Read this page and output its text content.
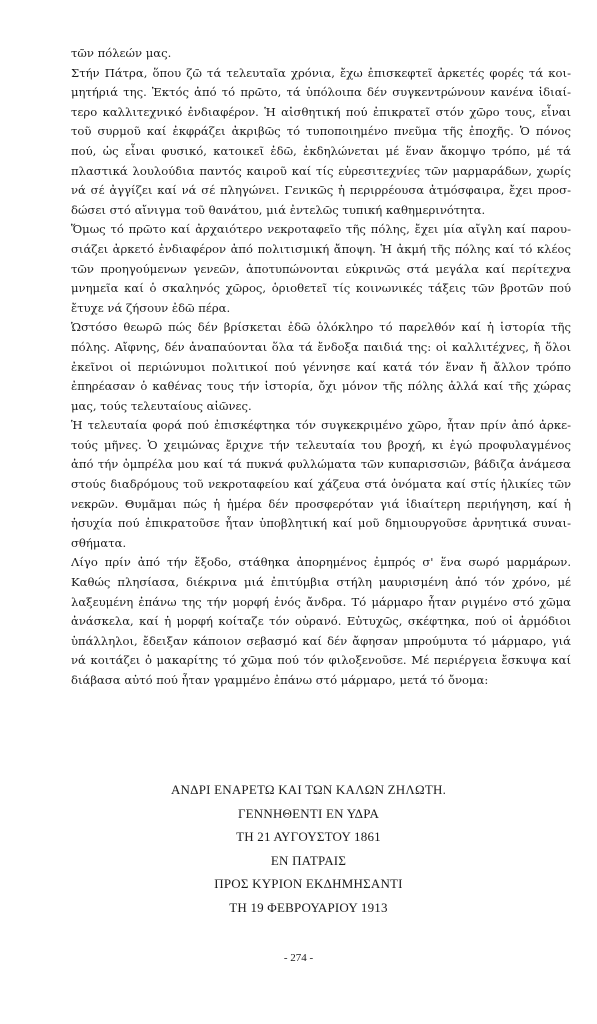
τῶν πόλεών μας.
Στήν Πάτρα, ὅπου ζῶ τά τελευταῖα χρόνια, ἔχω ἐπισκεφτεῖ ἀρκετές φορές τά κοι-
μητήριά της. Ἐκτός ἀπό τό πρῶτο, τά ὑπόλοιπα δέν συγκεντρώνουν κανένα ἰδιαί-
τερο καλλιτεχνικό ἐνδιαφέρον. Ἡ αἰσθητική πού ἐπικρατεῖ στόν χῶρο τους, εἶναι
τοῦ συρμοῦ καί ἐκφράζει ἀκριβῶς τό τυποποιημένο πνεῦμα τῆς ἐποχῆς. Ὁ πόνος
πού, ὡς εἶναι φυσικό, κατοικεῖ ἐδῶ, ἐκδηλώνεται μέ ἕναν ἄκομψο τρόπο, μέ τά
πλαστικά λουλούδια παντός καιροῦ καί τίς εὑρεσιτεχνίες τῶν μαρμαράδων, χωρίς
νά σέ ἀγγίζει καί νά σέ πληγώνει. Γενικῶς ἡ περιρρέουσα ἀτμόσφαιρα, ἔχει προσ-
δώσει στό αἴνιγμα τοῦ θανάτου, μιά ἐντελῶς τυπική καθημερινότητα.
Ὅμως τό πρῶτο καί ἀρχαιότερο νεκροταφεῖο τῆς πόλης, ἔχει μία αἴγλη καί παρου-
σιάζει ἀρκετό ἐνδιαφέρον ἀπό πολιτισμική ἄποψη. Ἡ ἀκμή τῆς πόλης καί τό κλέος
τῶν προηγούμενων γενεῶν, ἀποτυπώνονται εὐκρινῶς στά μεγάλα καί περίτεχνα
μνημεῖα καί ὁ σκαληνός χῶρος, ὁριοθετεῖ τίς κοινωνικές τάξεις τῶν βροτῶν πού
ἔτυχε νά ζήσουν ἐδῶ πέρα.
Ὡστόσο θεωρῶ πώς δέν βρίσκεται ἐδῶ ὁλόκληρο τό παρελθόν καί ἡ ἱστορία τῆς
πόλης. Αἴφνης, δέν ἀναπαύονται ὅλα τά ἔνδοξα παιδιά της: οἱ καλλιτέχνες, ἤ ὅλοι
ἐκεῖνοι οἱ περιώνυμοι πολιτικοί πού γέννησε καί κατά τόν ἕναν ἤ ἄλλον τρόπο
ἐπηρέασαν ὁ καθένας τους τήν ἱστορία, ὄχι μόνον τῆς πόλης ἀλλά καί τῆς χώρας
μας, τούς τελευταίους αἰῶνες.
Ἡ τελευταία φορά πού ἐπισκέφτηκα τόν συγκεκριμένο χῶρο, ἦταν πρίν ἀπό ἀρκε-
τούς μῆνες. Ὁ χειμώνας ἔριχνε τήν τελευταία του βροχή, κι ἐγώ προφυλαγμένος
ἀπό τήν ὀμπρέλα μου καί τά πυκνά φυλλώματα τῶν κυπαρισσιῶν, βάδιζα ἀνάμεσα
στούς διαδρόμους τοῦ νεκροταφείου καί χάζευα στά ὀνόματα καί στίς ἡλικίες τῶν
νεκρῶν. Θυμᾶμαι πώς ἡ ἡμέρα δέν προσφερόταν γιά ἰδιαίτερη περιήγηση, καί ἡ
ἡσυχία πού ἐπικρατοῦσε ἦταν ὑποβλητική καί μοῦ δημιουργοῦσε ἀρνητικά συναι-
σθήματα.
Λίγο πρίν ἀπό τήν ἔξοδο, στάθηκα ἀπορημένος ἐμπρός σ' ἕνα σωρό μαρμάρων.
Καθώς πλησίασα, διέκρινα μιά ἐπιτύμβια στήλη μαυρισμένη ἀπό τόν χρόνο, μέ
λαξευμένη ἐπάνω της τήν μορφή ἑνός ἄνδρα. Τό μάρμαρο ἦταν ριγμένο στό χῶμα
ἀνάσκελα, καί ἡ μορφή κοίταζε τόν οὐρανό. Εὐτυχῶς, σκέφτηκα, πού οἱ ἁρμόδιοι
ὑπάλληλοι, ἔδειξαν κάποιον σεβασμό καί δέν ἄφησαν μπρούμυτα τό μάρμαρο, γιά
νά κοιτάζει ὁ μακαρίτης τό χῶμα πού τόν φιλοξενοῦσε. Μέ περιέργεια ἔσκυψα καί
διάβασα αὐτό πού ἦταν γραμμένο ἐπάνω στό μάρμαρο, μετά τό ὄνομα:
ΑΝΔΡΙ ΕΝΑΡΕΤΩ ΚΑΙ ΤΩΝ ΚΑΛΩΝ ΖΗΛΩΤΗ.
ΓΕΝΝΗΘΕΝΤΙ ΕΝ ΥΔΡΑ
ΤΗ 21 ΑΥΓΟΥΣΤΟΥ 1861
ΕΝ ΠΑΤΡΑΙΣ
ΠΡΟΣ ΚΥΡΙΟΝ ΕΚΔΗΜΗΣΑΝΤΙ
ΤΗ 19 ΦΕΒΡΟΥΑΡΙΟΥ 1913
- 274 -
